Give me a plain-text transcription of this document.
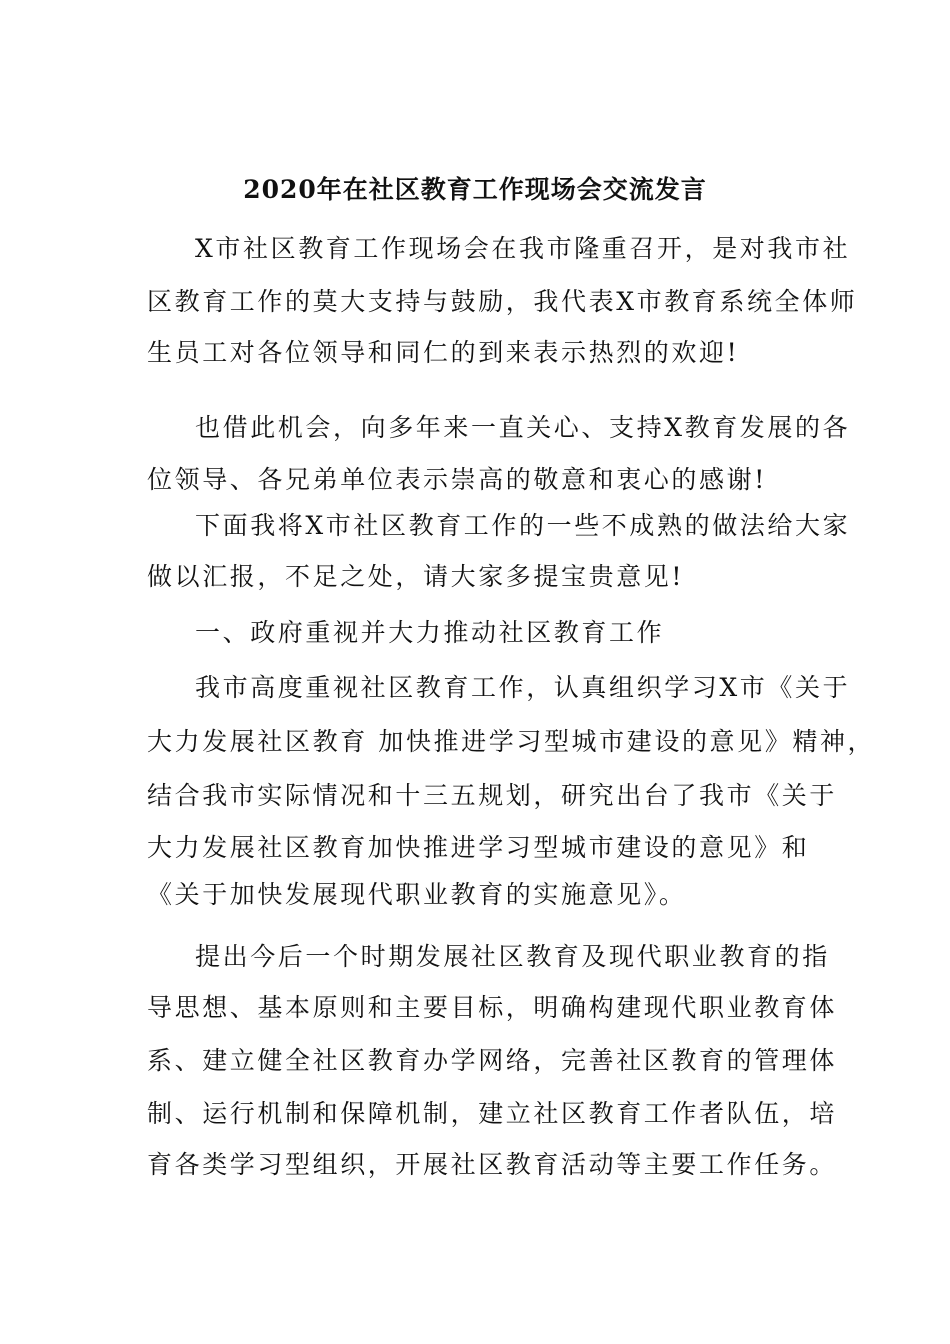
2020年在社区教育工作现场会交流发言
X市社区教育工作现场会在我市隆重召开，是对我市社
区教育工作的莫大支持与鼓励，我代表X市教育系统全体师
生员工对各位领导和同仁的到来表示热烈的欢迎!
也借此机会，向多年来一直关心、支持X教育发展的各
位领导、各兄弟单位表示崇高的敬意和衷心的感谢!
下面我将X市社区教育工作的一些不成熟的做法给大家
做以汇报，不足之处，请大家多提宝贵意见!
一、政府重视并大力推动社区教育工作
我市高度重视社区教育工作，认真组织学习X市《关于
大力发展社区教育 加快推进学习型城市建设的意见》精神，
结合我市实际情况和十三五规划，研究出台了我市《关于
大力发展社区教育加快推进学习型城市建设的意见》和
《关于加快发展现代职业教育的实施意见》。
提出今后一个时期发展社区教育及现代职业教育的指
导思想、基本原则和主要目标，明确构建现代职业教育体
系、建立健全社区教育办学网络，完善社区教育的管理体
制、运行机制和保障机制，建立社区教育工作者队伍，培
育各类学习型组织，开展社区教育活动等主要工作任务。
